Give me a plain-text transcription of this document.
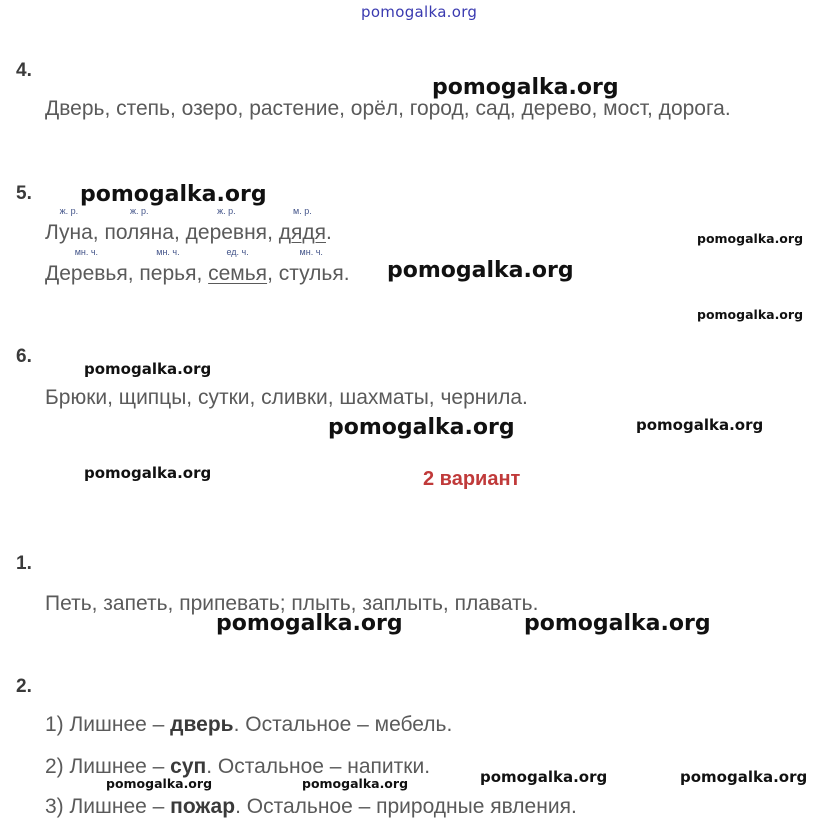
pomogalka.org
4.
Дверь, степь, озеро, растение, орёл, город, сад, дерево, мост, дорога.
5.
ж. р.
Луна,
ж. р.
поляна,
ж. р.
деревня,
м. р.
дядя.
мн. ч.
Деревья,
мн. ч.
перья,
ед. ч.
семья,
мн. ч.
стулья.
6.
Брюки, щипцы, сутки, сливки, шахматы, чернила.
2 вариант
1.
Петь, запеть, припевать; плыть, заплыть, плавать.
2.
1) Лишнее – дверь. Остальное – мебель.
2) Лишнее – суп. Остальное – напитки.
3) Лишнее – пожар. Остальное – природные явления.
pomogalka.org
pomogalka.org
pomogalka.org
pomogalka.org
pomogalka.org	pomogalka.org
pomogalka.org
pomogalka.org
pomogalka.org
pomogalka.org
pomogalka.org
pomogalka.org	pomogalka.org	pomogalka.org	pomogalka.org
